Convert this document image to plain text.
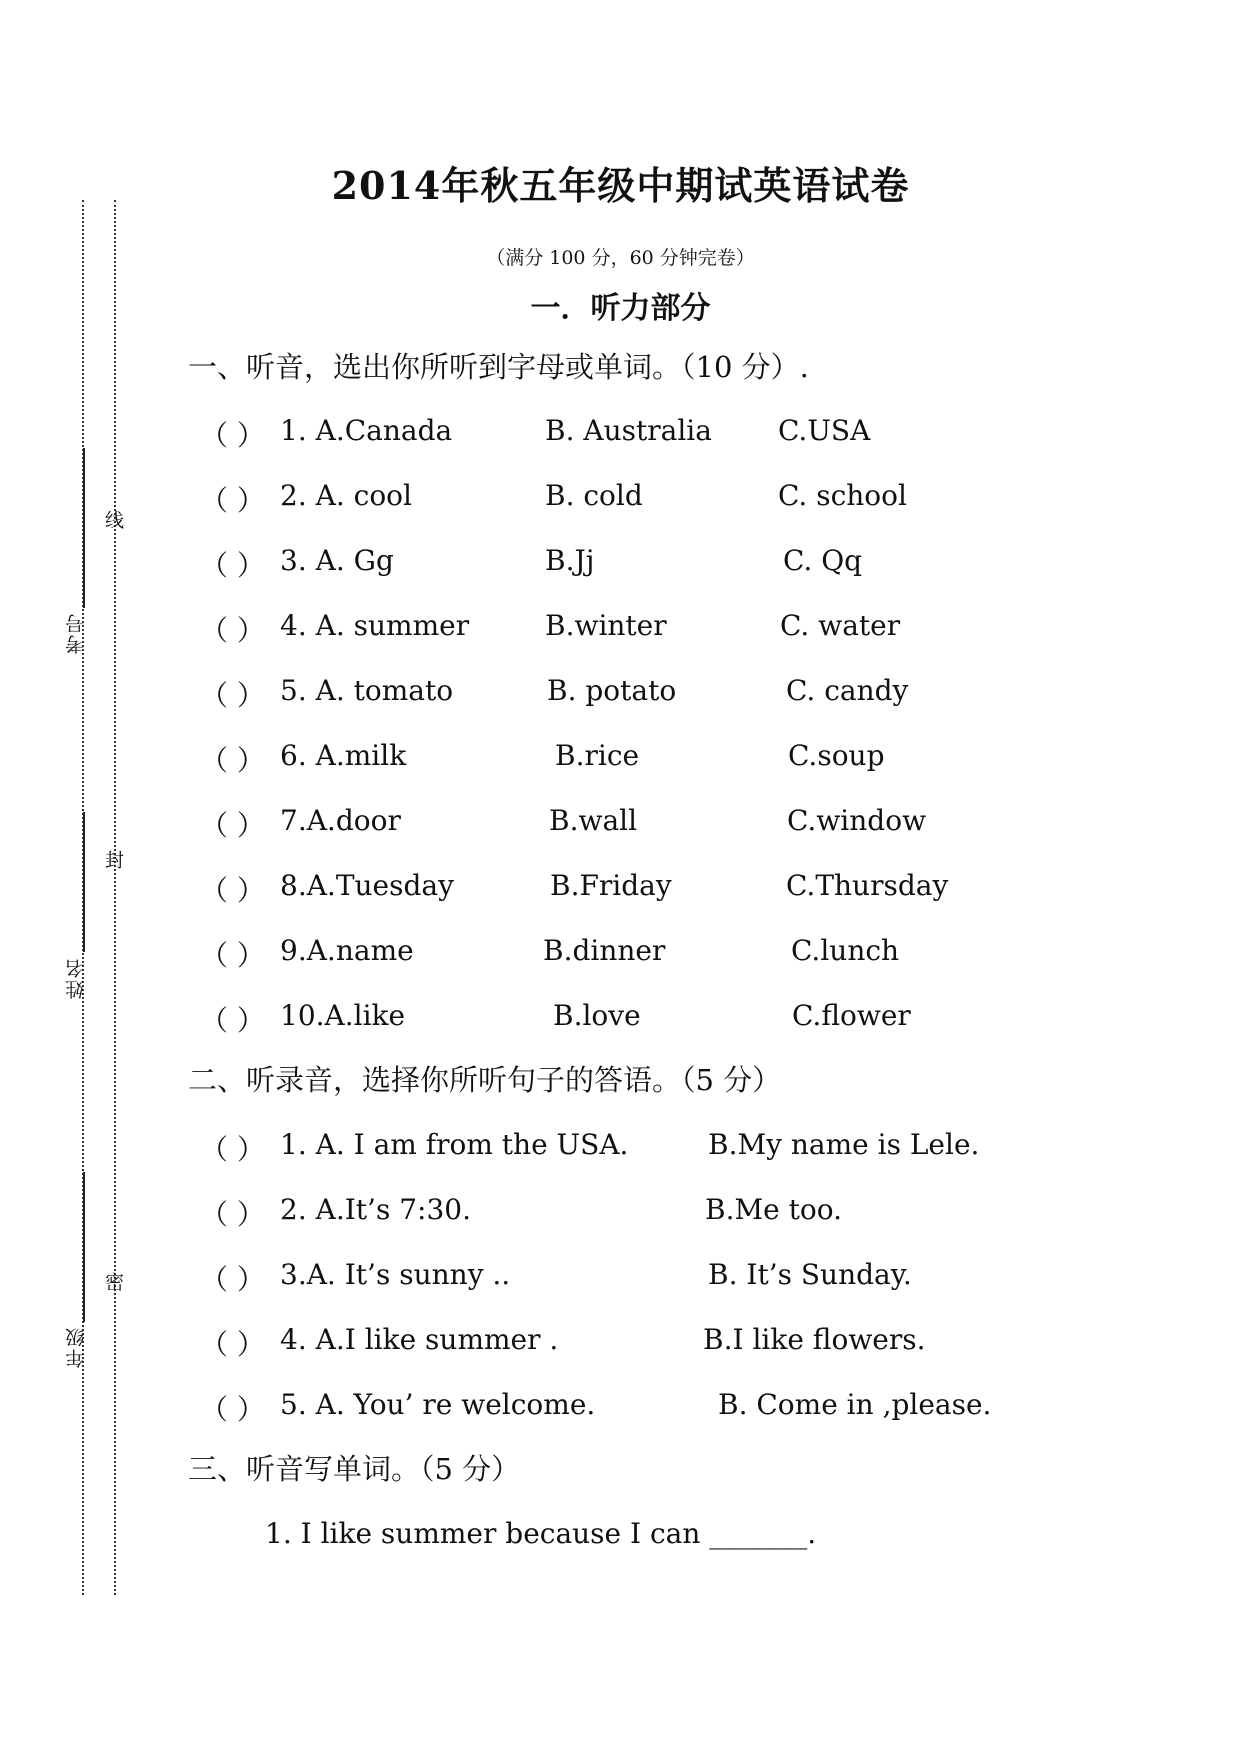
考号
姓名
年级
线
封
密
2014年秋五年级中期试英语试卷
（满分 100 分，60 分钟完卷）
一．听力部分
一、听音，选出你所听到字母或单词。（10 分）.
（ ） 1. A.Canada	B. Australia C.USA
（ ） 2. A. cool	B. cold	C. school
（ ） 3. A. Gg	B.Jj	C. Qq
（ ） 4. A. summer	B.winter	C. water
（ ） 5. A. tomato	B. potato	C. candy
（ ） 6. A.milk	B.rice	C.soup
（ ） 7.A.door	B.wall	C.window
（ ） 8.A.Tuesday	B.Friday	C.Thursday
（ ） 9.A.name	B.dinner	C.lunch
（ ） 10.A.like	B.love	C.flower
二、听录音，选择你所听句子的答语。（5 分）
（ ） 1. A. I am from the USA.	B.My name is Lele.
（ ） 2. A.It’s 7:30.	B.Me too.
（ ） 3.A. It’s sunny ..	B. It’s Sunday.
（ ） 4. A.I like summer .	B.I like flowers.
（ ） 5. A. You’ re welcome.	B. Come in ,please.
三、听音写单词。（5 分）
1. I like summer because I can _______.
